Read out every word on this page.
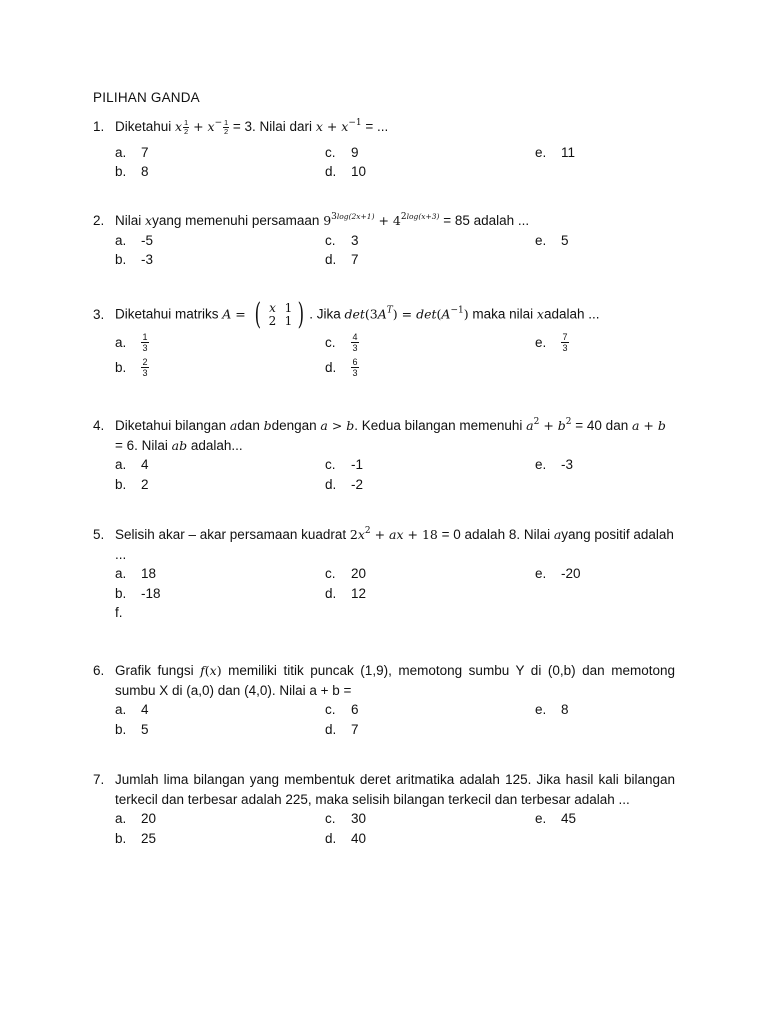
PILIHAN GANDA
1. Diketahui x $\frac{1}{2} + x^- \frac{1}{2} = 3$. Nilai dari $x + x^{-1}$ = ...
a.	7	c.	9	e.	11
b.	8	d.	10
2. Nilai xyang memenuhi persamaan $9^{3log(2x+1)} + 4^{2log(x+3)} = 85$ adalah ...
a.	-5	c.	3	e.	5
b.	-3	d.	7
3. Diketahui matriks A = ( x 1
2 1 ) . Jika $\det(3A^T) = \det(A^{-1})$ maka nilai xadalah ...
a.	$\frac{1}{3}$	c.	$\frac{4}{3}$	e.	$\frac{7}{3}$
b.	$\frac{2}{3}$	d.	$\frac{6}{3}$
4. Diketahui bilangan adan bdengan a > b. Kedua bilangan memenuhi $a^2 + b^2 = 40$ dan a + b = 6. Nilai ab adalah...
a.	4	c.	-1	e.	-3
b.	2	d.	-2
5. Selisih akar – akar persamaan kuadrat $2x^2$ + ax + 18 = 0 adalah 8. Nilai ayang positif adalah ...
a.	18	c.	20	e.	-20
b.	-18	d.	12
f.
6. Grafik fungsi f(x) memiliki titik puncak (1,9), memotong sumbu Y di (0,b) dan memotong sumbu X di (a,0) dan (4,0). Nilai a + b =
a.	4	c.	6	e.	8
b.	5	d.	7
7. Jumlah lima bilangan yang membentuk deret aritmatika adalah 125. Jika hasil kali bilangan terkecil dan terbesar adalah 225, maka selisih bilangan terkecil dan terbesar adalah ...
a.	20	c.	30	e.	45
b.	25	d.	40
